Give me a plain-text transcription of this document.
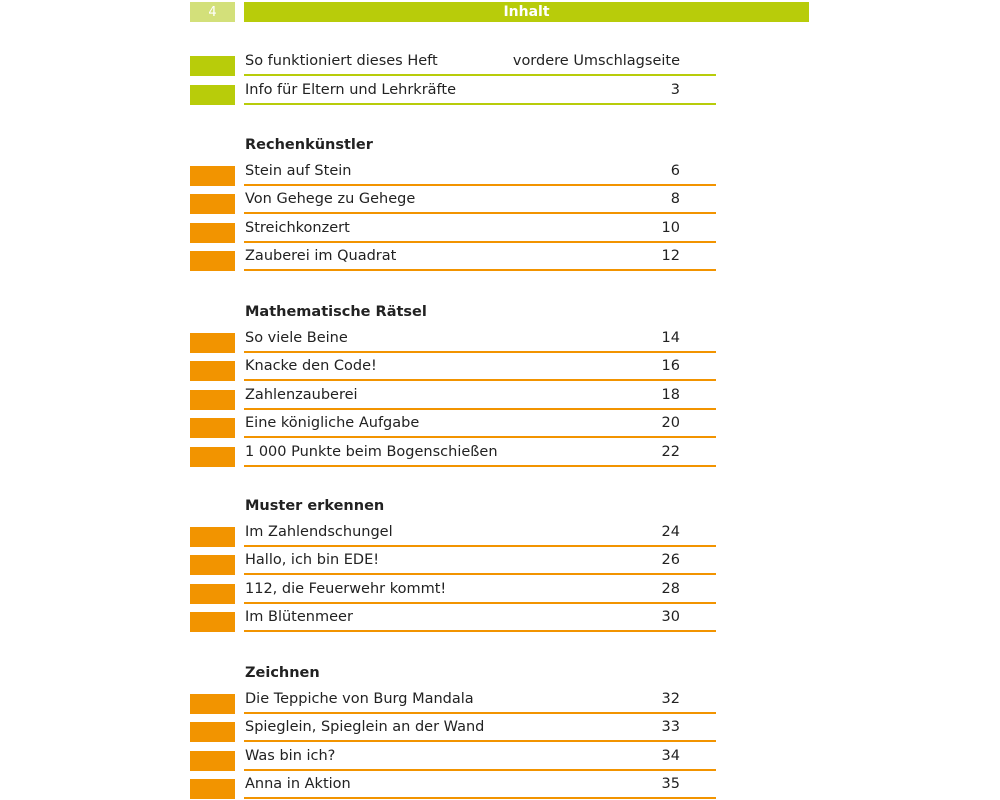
4	Inhalt
So funktioniert dieses Heft	vordere Umschlagseite
Info für Eltern und Lehrkräfte	3
Rechenkünstler
Stein auf Stein	6
Von Gehege zu Gehege	8
Streichkonzert	10
Zauberei im Quadrat	12
Mathematische Rätsel
So viele Beine	14
Knacke den Code!	16
Zahlenzauberei	18
Eine königliche Aufgabe	20
1 000 Punkte beim Bogenschießen	22
Muster erkennen
Im Zahlendschungel	24
Hallo, ich bin EDE!	26
112, die Feuerwehr kommt!	28
Im Blütenmeer	30
Zeichnen
Die Teppiche von Burg Mandala	32
Spieglein, Spieglein an der Wand	33
Was bin ich?	34
Anna in Aktion	35
